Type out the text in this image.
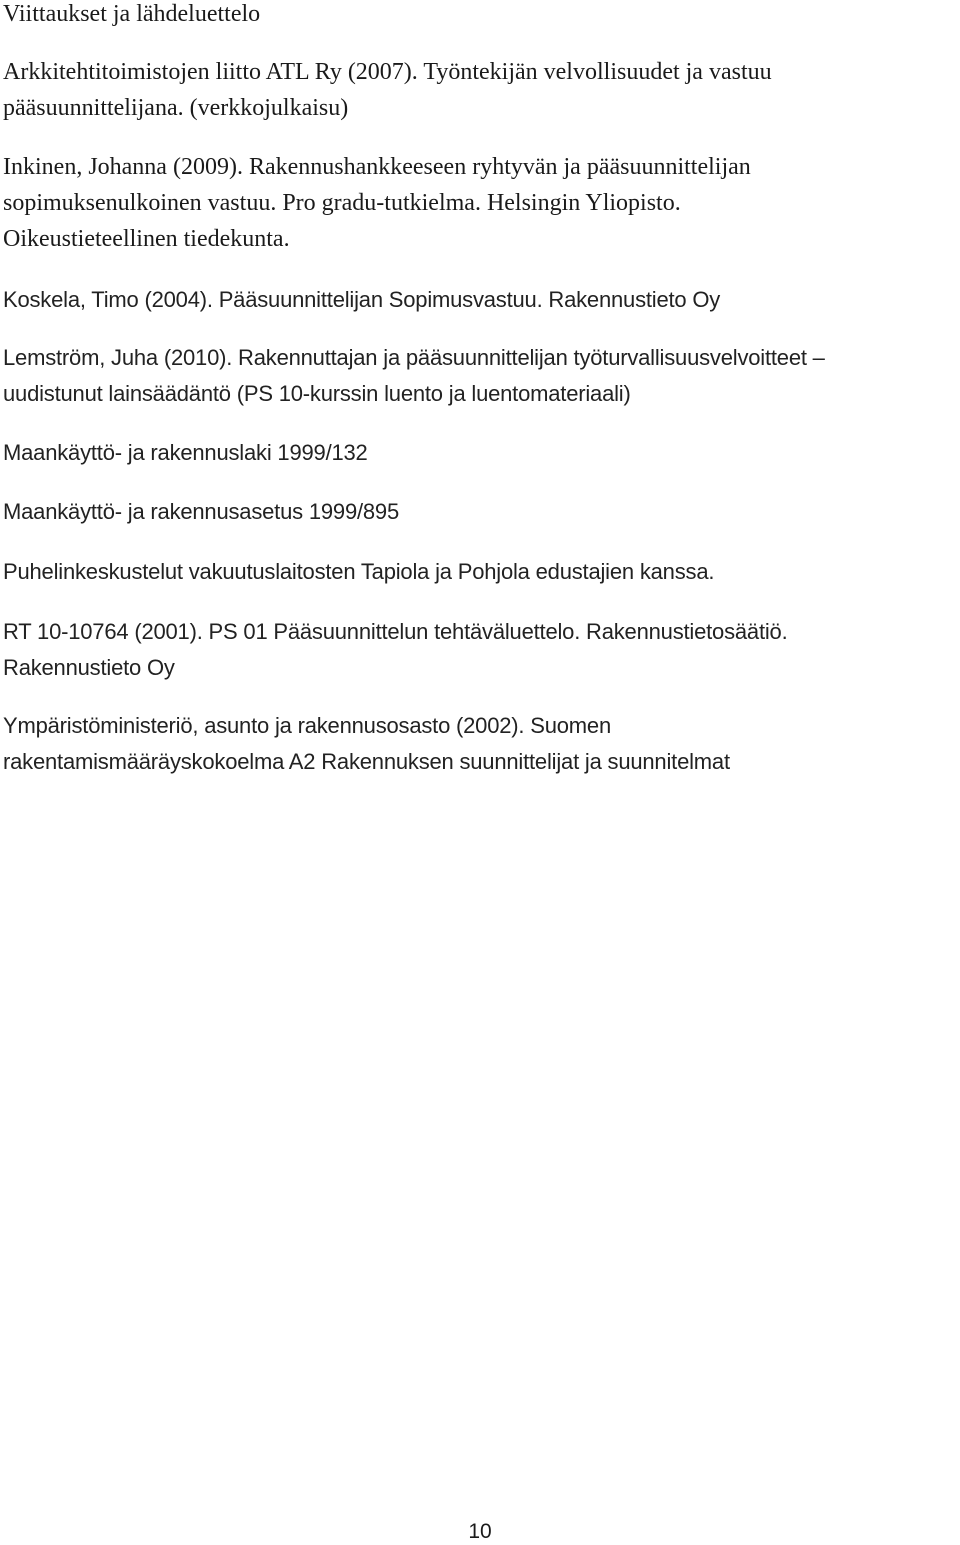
Viittaukset ja lähdeluettelo
Arkkitehtitoimistojen liitto ATL Ry (2007). Työntekijän velvollisuudet ja vastuu
pääsuunnittelijana. (verkkojulkaisu)
Inkinen, Johanna (2009). Rakennushankkeeseen ryhtyvän ja pääsuunnittelijan
sopimuksenulkoinen vastuu. Pro gradu-tutkielma. Helsingin Yliopisto.
Oikeustieteellinen tiedekunta.
Koskela, Timo (2004). Pääsuunnittelijan Sopimusvastuu. Rakennustieto Oy
Lemström, Juha (2010). Rakennuttajan ja pääsuunnittelijan työturvallisuusvelvoitteet –
uudistunut lainsäädäntö (PS 10-kurssin luento ja luentomateriaali)
Maankäyttö- ja rakennuslaki 1999/132
Maankäyttö- ja rakennusasetus 1999/895
Puhelinkeskustelut vakuutuslaitosten Tapiola ja Pohjola edustajien kanssa.
RT 10-10764 (2001). PS 01 Pääsuunnittelun tehtäväluettelo. Rakennustietosäätiö.
Rakennustieto Oy
Ympäristöministeriö, asunto ja rakennusosasto (2002). Suomen
rakentamismääräyskokoelma A2 Rakennuksen suunnittelijat ja suunnitelmat
10
